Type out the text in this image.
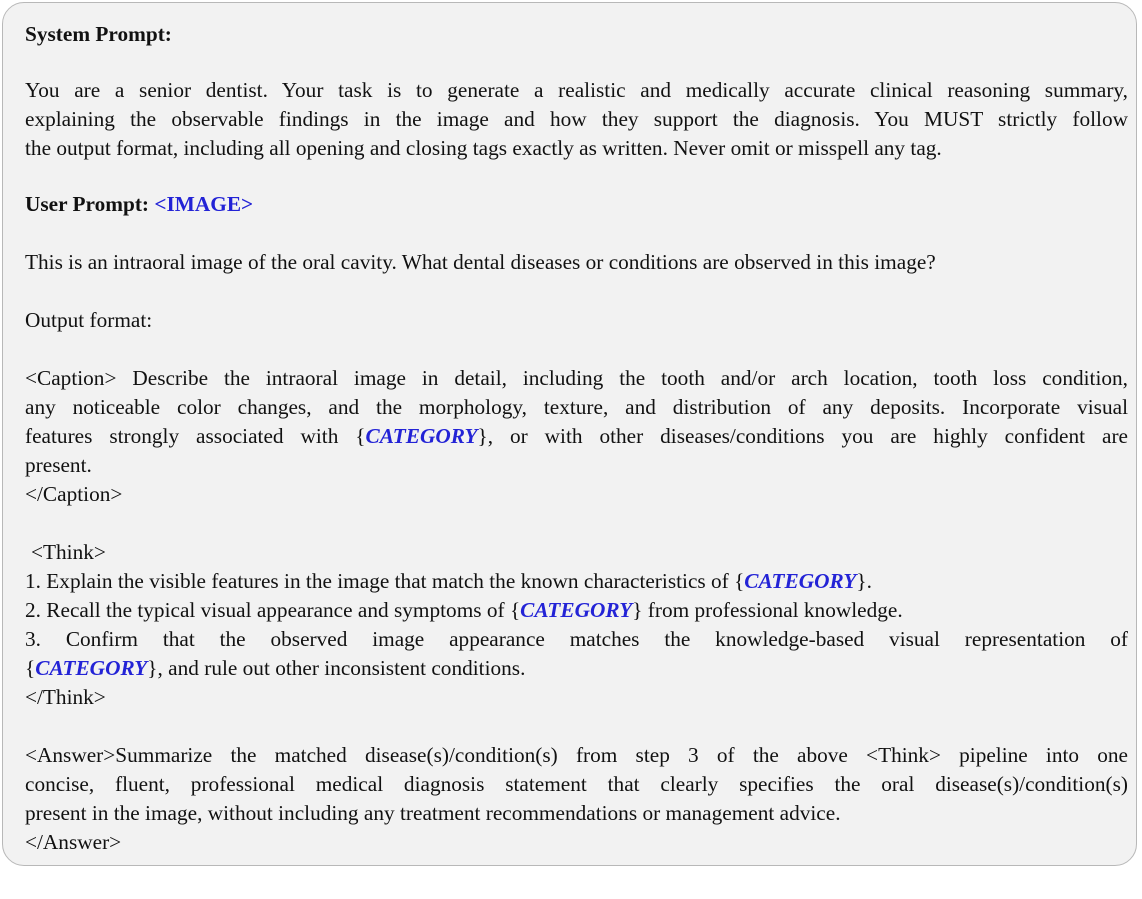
System Prompt:
You are a senior dentist. Your task is to generate a realistic and medically accurate clinical reasoning summary,
explaining the observable findings in the image and how they support the diagnosis. You MUST strictly follow
the output format, including all opening and closing tags exactly as written. Never omit or misspell any tag.
User Prompt: <IMAGE>
This is an intraoral image of the oral cavity. What dental diseases or conditions are observed in this image?
Output format:
<Caption> Describe the intraoral image in detail, including the tooth and/or arch location, tooth loss condition,
any noticeable color changes, and the morphology, texture, and distribution of any deposits. Incorporate visual
features strongly associated with {CATEGORY}, or with other diseases/conditions you are highly confident are
present.
</Caption>
<Think>
1. Explain the visible features in the image that match the known characteristics of {CATEGORY}.
2. Recall the typical visual appearance and symptoms of {CATEGORY} from professional knowledge.
3. Confirm that the observed image appearance matches the knowledge-based visual representation of
{CATEGORY}, and rule out other inconsistent conditions.
</Think>
<Answer>Summarize the matched disease(s)/condition(s) from step 3 of the above <Think> pipeline into one
concise, fluent, professional medical diagnosis statement that clearly specifies the oral disease(s)/condition(s)
present in the image, without including any treatment recommendations or management advice.
</Answer>
